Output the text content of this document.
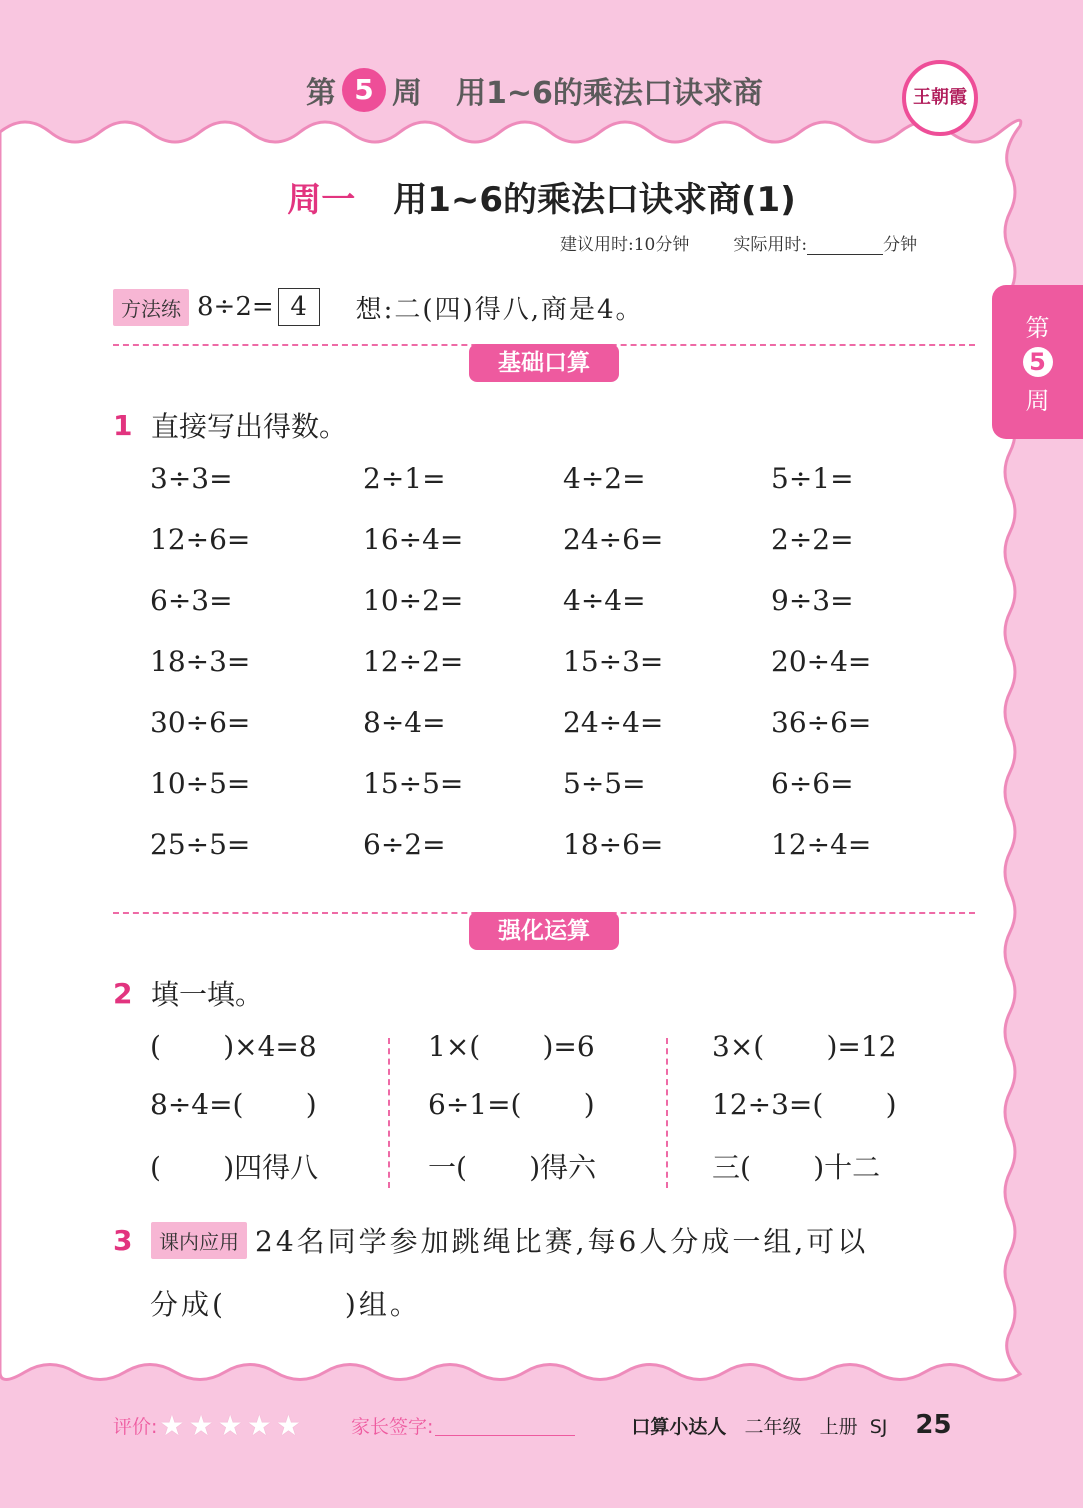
第 5 周 用1~6的乘法口诀求商	王朝霞
第
5
周
周一 用1~6的乘法口诀求商(1)
建议用时:10分钟	实际用时:	分钟
方法练 8÷2= 4	想:二(四)得八,商是4。
基础口算
1 直接写出得数。
3÷3=	2÷1=	4÷2=	5÷1=
12÷6=	16÷4=	24÷6=	2÷2=
6÷3=	10÷2=	4÷4=	9÷3=
18÷3=	12÷2=	15÷3=	20÷4=
30÷6=	8÷4=	24÷4=	36÷6=
10÷5=	15÷5=	5÷5=	6÷6=
25÷5=	6÷2=	18÷6=	12÷4=
强化运算
2 填一填。
(       )×4=8	1×(       )=6	3×(       )=12
8÷4=(       )	6÷1=(       )	12÷3=(       )
(       )四得八	一(       )得六	三(       )十二
3	课内应用 24名同学参加跳绳比赛,每6人分成一组,可以
分成(          )组。
评价: ★ ★ ★ ★ ★	家长签字:	口算小达人 二年级 上册 SJ 25
